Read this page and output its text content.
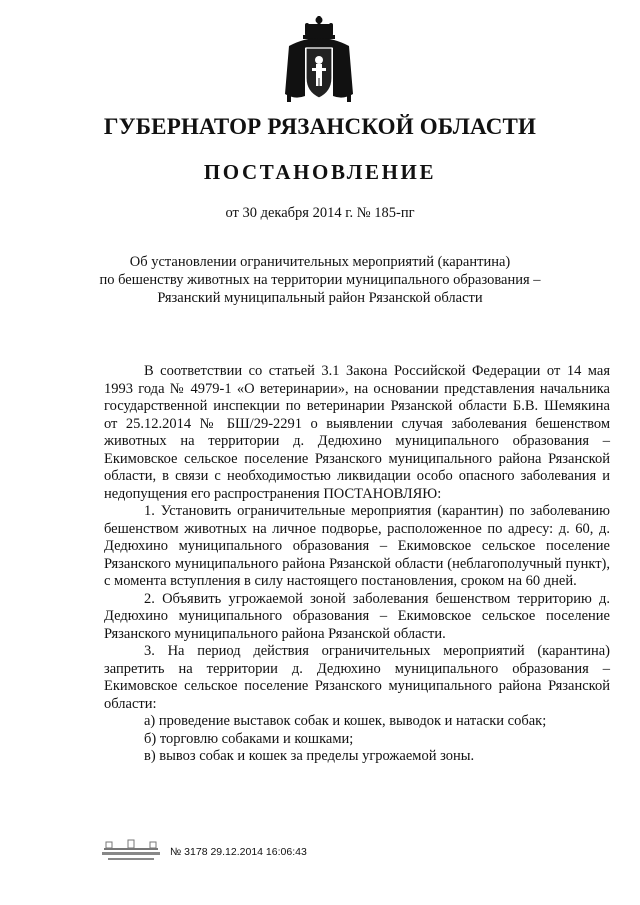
ГУБЕРНАТОР РЯЗАНСКОЙ ОБЛАСТИ
ПОСТАНОВЛЕНИЕ
от 30 декабря 2014 г. № 185-пг
Об установлении ограничительных мероприятий (карантина)
по бешенству животных на территории муниципального образования –
Рязанский муниципальный район Рязанской области

В соответствии со статьей 3.1 Закона Российской Федерации от 14 мая 1993 года № 4979-1 «О ветеринарии», на основании представления начальника государственной инспекции по ветеринарии Рязанской области Б.В. Шемякина от 25.12.2014 № БШ/29-2291 о выявлении случая заболевания бешенством животных на территории д. Дедюхино муниципального образования – Екимовское сельское поселение Рязанского муниципального района Рязанской области, в связи с необходимостью ликвидации особо опасного заболевания и недопущения его распространения ПОСТАНОВЛЯЮ:

1. Установить ограничительные мероприятия (карантин) по заболеванию бешенством животных на личное подворье, расположенное по адресу: д. 60, д. Дедюхино муниципального образования – Екимовское сельское поселение Рязанского муниципального района Рязанской области (неблагополучный пункт), с момента вступления в силу настоящего постановления, сроком на 60 дней.

2. Объявить угрожаемой зоной заболевания бешенством территорию д. Дедюхино муниципального образования – Екимовское сельское поселение Рязанского муниципального района Рязанской области.

3. На период действия ограничительных мероприятий (карантина) запретить на территории д. Дедюхино муниципального образования – Екимовское сельское поселение Рязанского муниципального района Рязанской области:

а) проведение выставок собак и кошек, выводок и натаски собак;

б) торговлю собаками и кошками;

в) вывоз собак и кошек за пределы угрожаемой зоны.

№ 3178 29.12.2014 16:06:43
